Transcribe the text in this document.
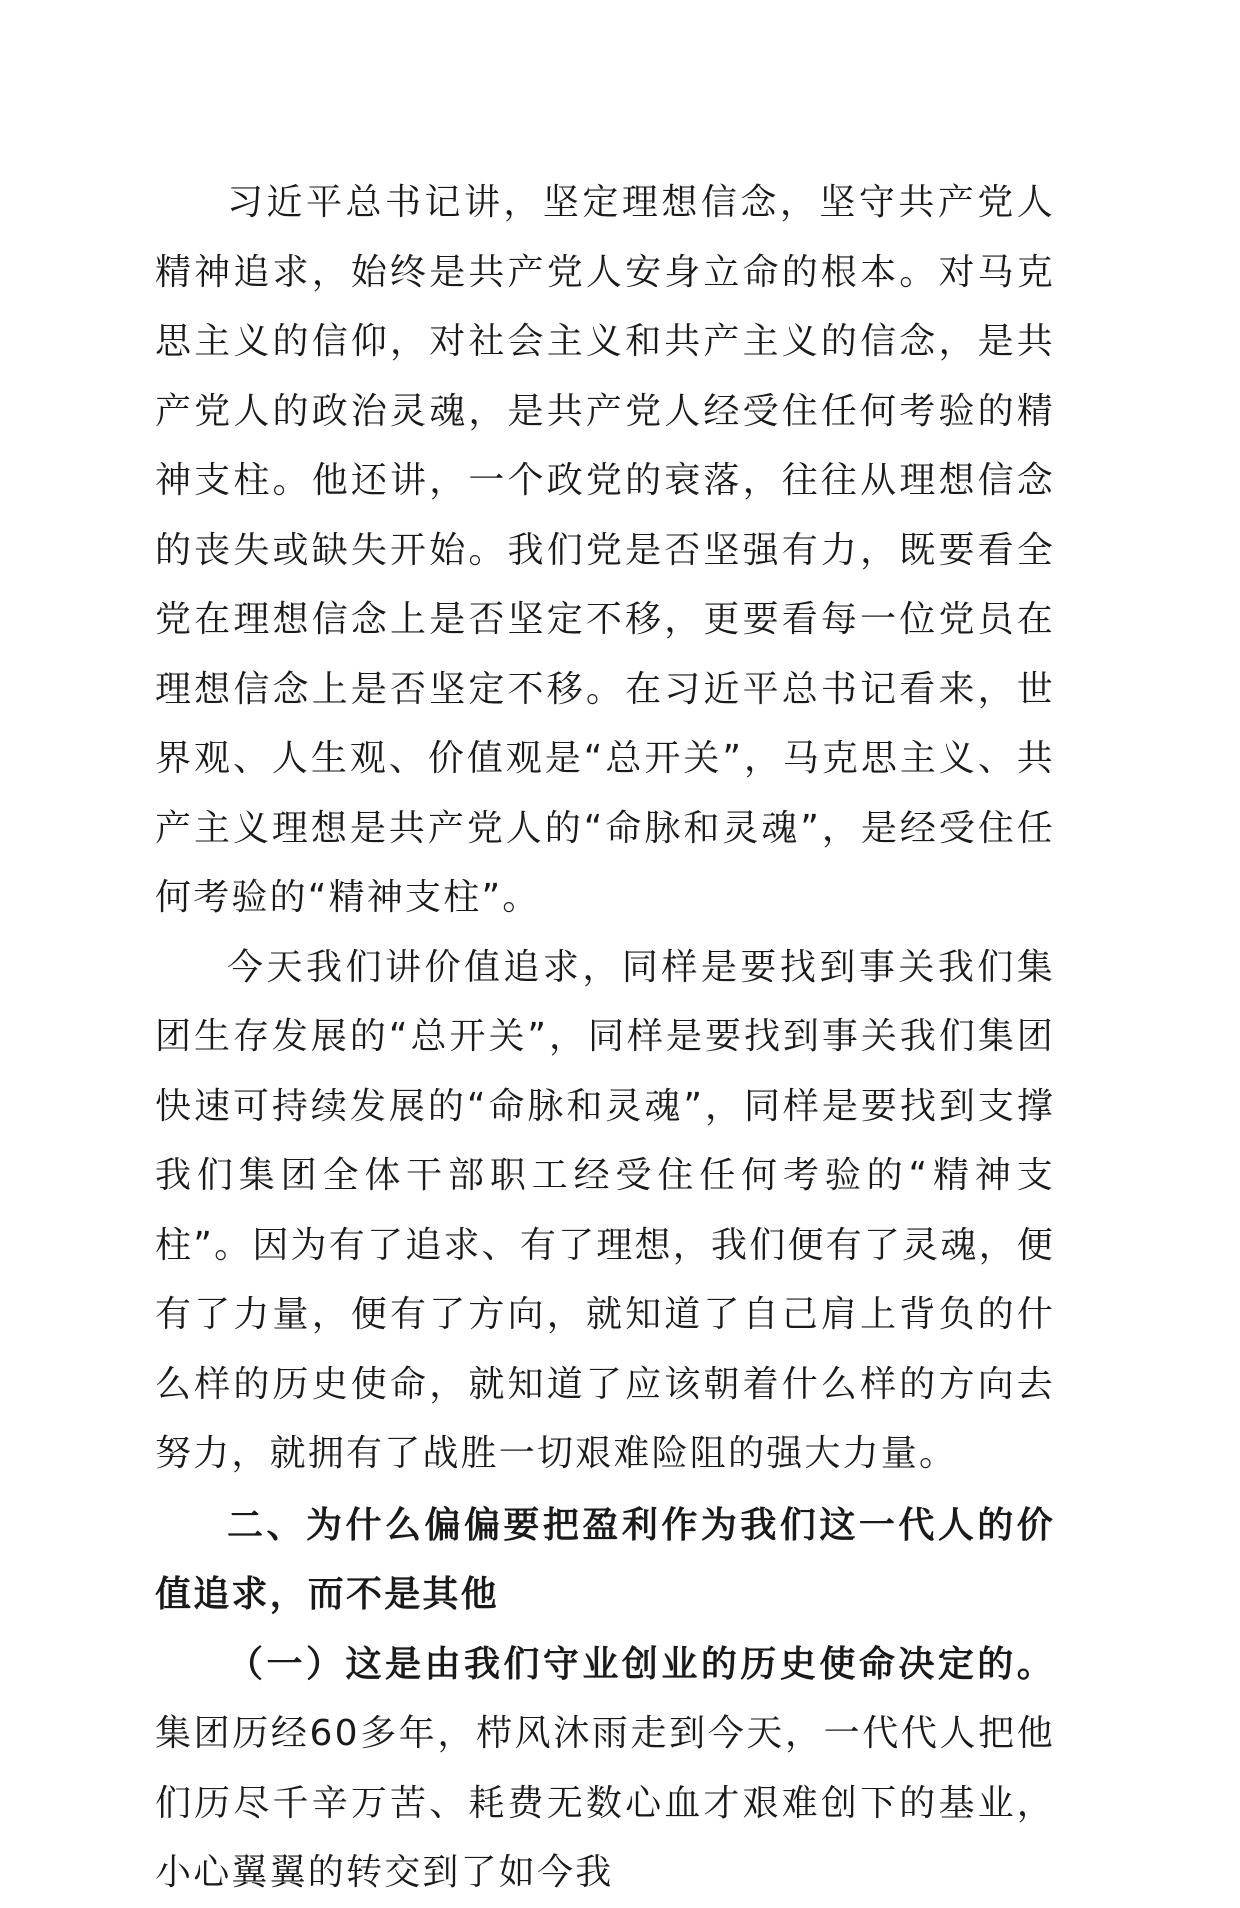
习近平总书记讲，坚定理想信念，坚守共产党人精神追求，始终是共产党人安身立命的根本。对马克思主义的信仰，对社会主义和共产主义的信念，是共产党人的政治灵魂，是共产党人经受住任何考验的精神支柱。他还讲，一个政党的衰落，往往从理想信念的丧失或缺失开始。我们党是否坚强有力，既要看全党在理想信念上是否坚定不移，更要看每一位党员在理想信念上是否坚定不移。在习近平总书记看来，世界观、人生观、价值观是“总开关”，马克思主义、共产主义理想是共产党人的“命脉和灵魂”，是经受住任何考验的“精神支柱”。

今天我们讲价值追求，同样是要找到事关我们集团生存发展的“总开关”，同样是要找到事关我们集团快速可持续发展的“命脉和灵魂”，同样是要找到支撑我们集团全体干部职工经受住任何考验的“精神支柱”。因为有了追求、有了理想，我们便有了灵魂，便有了力量，便有了方向，就知道了自己肩上背负的什么样的历史使命，就知道了应该朝着什么样的方向去努力，就拥有了战胜一切艰难险阻的强大力量。

二、为什么偏偏要把盈利作为我们这一代人的价值追求，而不是其他

（一）这是由我们守业创业的历史使命决定的。集团历经60多年，栉风沐雨走到今天，一代代人把他们历尽千辛万苦、耗费无数心血才艰难创下的基业，小心翼翼的转交到了如今我
